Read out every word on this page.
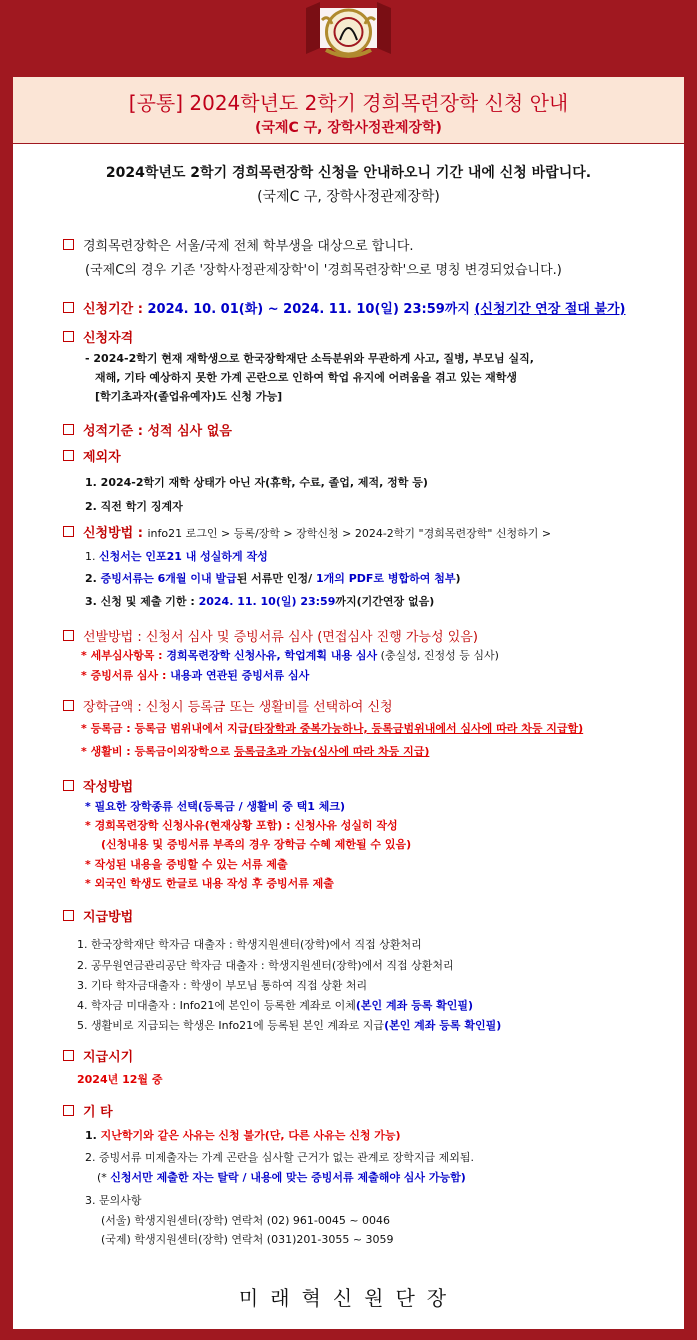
[공통] 2024학년도 2학기 경희목련장학 신청 안내
(국제C 구, 장학사정관제장학)
2024학년도 2학기 경희목련장학 신청을 안내하오니 기간 내에 신청 바랍니다.
(국제C 구, 장학사정관제장학)
경희목련장학은 서울/국제 전체 학부생을 대상으로 합니다.
(국제C의 경우 기존 '장학사정관제장학'이 '경희목련장학'으로 명칭 변경되었습니다.)
신청기간 : 2024. 10. 01(화) ~ 2024. 11. 10(일) 23:59까지 (신청기간 연장 절대 불가)
신청자격
- 2024-2학기 현재 재학생으로 한국장학재단 소득분위와 무관하게 사고, 질병, 부모님 실직,
재해, 기타 예상하지 못한 가계 곤란으로 인하여 학업 유지에 어려움을 겪고 있는 재학생
[학기초과자(졸업유예자)도 신청 가능]
성적기준 : 성적 심사 없음
제외자
1. 2024-2학기 재학 상태가 아닌 자(휴학, 수료, 졸업, 제적, 정학 등)
2. 직전 학기 징계자
신청방법 : info21 로그인 > 등록/장학 > 장학신청 > 2024-2학기 "경희목련장학" 신청하기 >
1. 신청서는 인포21 내 성실하게 작성
2. 증빙서류는 6개월 이내 발급된 서류만 인정/ 1개의 PDF로 병합하여 첨부)
3. 신청 및 제출 기한 : 2024. 11. 10(일) 23:59까지(기간연장 없음)
선발방법 : 신청서 심사 및 증빙서류 심사 (면접심사 진행 가능성 있음)
* 세부심사항목 : 경희목련장학 신청사유, 학업계획 내용 심사 (충실성, 진정성 등 심사)
* 증빙서류 심사 : 내용과 연관된 증빙서류 심사
장학금액 : 신청시 등록금 또는 생활비를 선택하여 신청
* 등록금 : 등록금 범위내에서 지급(타장학과 중복가능하나, 등록금범위내에서 심사에 따라 차등 지급함)
* 생활비 : 등록금이외장학으로 등록금초과 가능(심사에 따라 차등 지급)
작성방법
* 필요한 장학종류 선택(등록금 / 생활비 중 택1 체크)
* 경희목련장학 신청사유(현재상황 포함) : 신청사유 성실히 작성
(신청내용 및 증빙서류 부족의 경우 장학금 수혜 제한될 수 있음)
* 작성된 내용을 증빙할 수 있는 서류 제출
* 외국인 학생도 한글로 내용 작성 후 증빙서류 제출
지급방법
1. 한국장학재단 학자금 대출자 : 학생지원센터(장학)에서 직접 상환처리
2. 공무원연금관리공단 학자금 대출자 : 학생지원센터(장학)에서 직접 상환처리
3. 기타 학자금대출자 : 학생이 부모님 통하여 직접 상환 처리
4. 학자금 미대출자 : Info21에 본인이 등록한 계좌로 이체(본인 계좌 등록 확인필)
5. 생활비로 지급되는 학생은 Info21에 등록된 본인 계좌로 지급(본인 계좌 등록 확인필)
지급시기
2024년 12월 중
기 타
1. 지난학기와 같은 사유는 신청 불가(단, 다른 사유는 신청 가능)
2. 증빙서류 미제출자는 가계 곤란을 심사할 근거가 없는 관계로 장학지급 제외됨.
(* 신청서만 제출한 자는 탈락 / 내용에 맞는 증빙서류 제출해야 심사 가능함)
3. 문의사항
(서울) 학생지원센터(장학) 연락처 (02) 961-0045 ~ 0046
(국제) 학생지원센터(장학) 연락처 (031)201-3055 ~ 3059
미래혁신원단장
